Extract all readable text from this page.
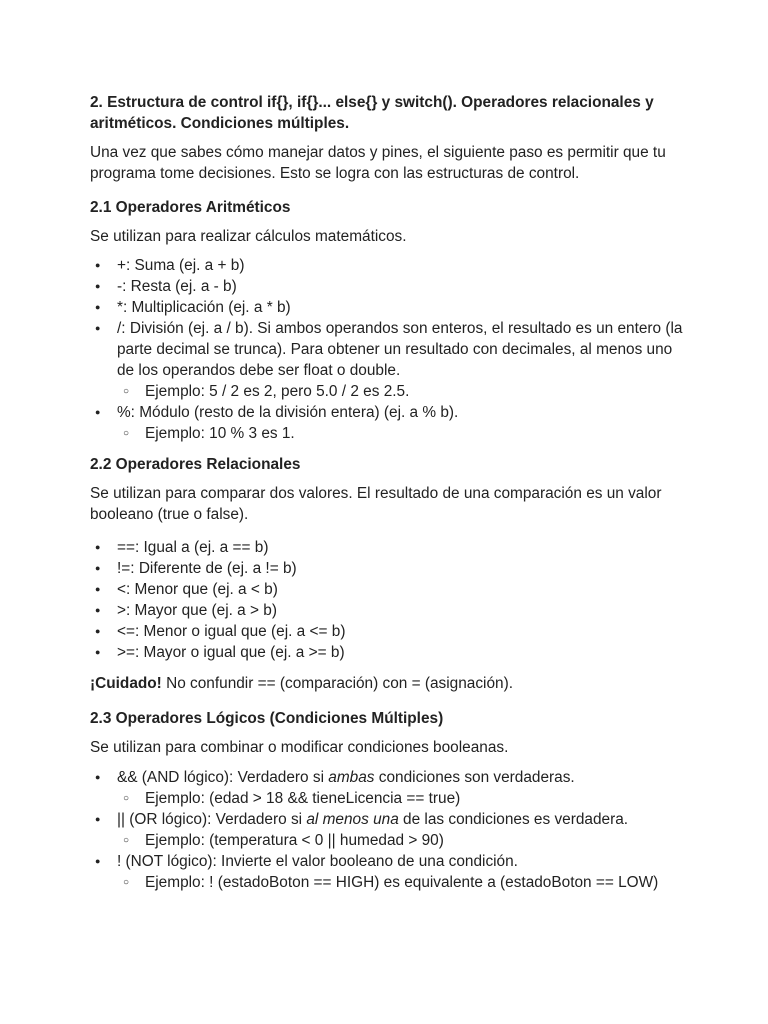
2. Estructura de control if{}, if{}... else{} y switch(). Operadores relacionales y aritméticos. Condiciones múltiples.
Una vez que sabes cómo manejar datos y pines, el siguiente paso es permitir que tu programa tome decisiones. Esto se logra con las estructuras de control.
2.1 Operadores Aritméticos
Se utilizan para realizar cálculos matemáticos.
● +: Suma (ej. a + b)
● -: Resta (ej. a - b)
● *: Multiplicación (ej. a * b)
● /: División (ej. a / b). Si ambos operandos son enteros, el resultado es un entero (la parte decimal se trunca). Para obtener un resultado con decimales, al menos uno de los operandos debe ser float o double.
○ Ejemplo: 5 / 2 es 2, pero 5.0 / 2 es 2.5.
● %: Módulo (resto de la división entera) (ej. a % b).
○ Ejemplo: 10 % 3 es 1.
2.2 Operadores Relacionales
Se utilizan para comparar dos valores. El resultado de una comparación es un valor booleano (true o false).
● ==: Igual a (ej. a == b)
● !=: Diferente de (ej. a != b)
● <: Menor que (ej. a < b)
● >: Mayor que (ej. a > b)
● <=: Menor o igual que (ej. a <= b)
● >=: Mayor o igual que (ej. a >= b)
¡Cuidado! No confundir == (comparación) con = (asignación).
2.3 Operadores Lógicos (Condiciones Múltiples)
Se utilizan para combinar o modificar condiciones booleanas.
● && (AND lógico): Verdadero si ambas condiciones son verdaderas.
○ Ejemplo: (edad > 18 && tieneLicencia == true)
● || (OR lógico): Verdadero si al menos una de las condiciones es verdadera.
○ Ejemplo: (temperatura < 0 || humedad > 90)
● ! (NOT lógico): Invierte el valor booleano de una condición.
○ Ejemplo: ! (estadoBoton == HIGH) es equivalente a (estadoBoton == LOW)
